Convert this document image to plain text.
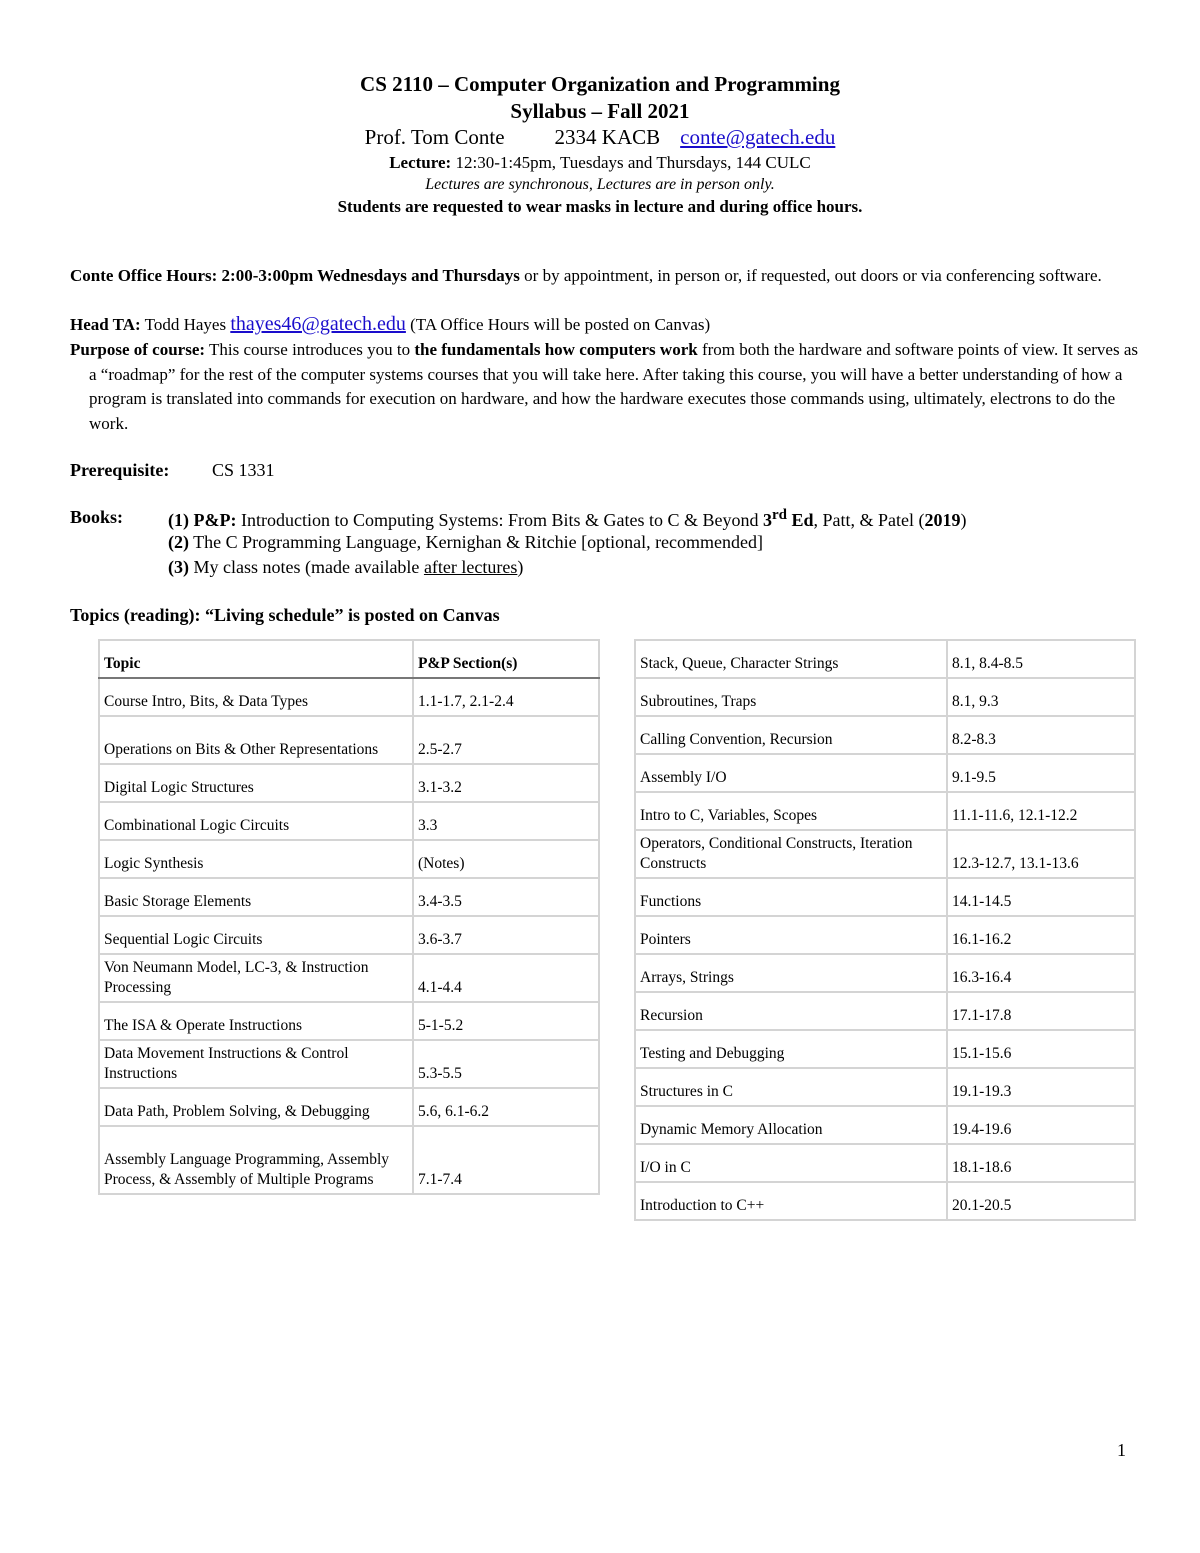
CS 2110 – Computer Organization and Programming
Syllabus – Fall 2021
Prof. Tom Conte 2334 KACB conte@gatech.edu
Lecture: 12:30-1:45pm, Tuesdays and Thursdays, 144 CULC
Lectures are synchronous, Lectures are in person only.
Students are requested to wear masks in lecture and during office hours.
Conte Office Hours: 2:00-3:00pm Wednesdays and Thursdays or by appointment, in person or, if requested, out doors or via conferencing software.
Head TA: Todd Hayes thayes46@gatech.edu (TA Office Hours will be posted on Canvas)
Purpose of course: This course introduces you to the fundamentals how computers work from both the hardware and software points of view. It serves as a “roadmap” for the rest of the computer systems courses that you will take here. After taking this course, you will have a better understanding of how a program is translated into commands for execution on hardware, and how the hardware executes those commands using, ultimately, electrons to do the work.
Prerequisite: CS 1331
Books: (1) P&P: Introduction to Computing Systems: From Bits & Gates to C & Beyond 3rd Ed, Patt, & Patel (2019)
(2) The C Programming Language, Kernighan & Ritchie [optional, recommended]
(3) My class notes (made available after lectures)
Topics (reading): “Living schedule” is posted on Canvas
Topic	P&P Section(s)
Course Intro, Bits, & Data Types	1.1-1.7, 2.1-2.4
Operations on Bits & Other Representations	2.5-2.7
Digital Logic Structures	3.1-3.2
Combinational Logic Circuits	3.3
Logic Synthesis	(Notes)
Basic Storage Elements	3.4-3.5
Sequential Logic Circuits	3.6-3.7
Von Neumann Model, LC-3, & Instruction Processing	4.1-4.4
The ISA & Operate Instructions	5-1-5.2
Data Movement Instructions & Control Instructions	5.3-5.5
Data Path, Problem Solving, & Debugging	5.6, 6.1-6.2
Assembly Language Programming, Assembly Process, & Assembly of Multiple Programs	7.1-7.4
Stack, Queue, Character Strings	8.1, 8.4-8.5
Subroutines, Traps	8.1, 9.3
Calling Convention, Recursion	8.2-8.3
Assembly I/O	9.1-9.5
Intro to C, Variables, Scopes	11.1-11.6, 12.1-12.2
Operators, Conditional Constructs, Iteration Constructs	12.3-12.7, 13.1-13.6
Functions	14.1-14.5
Pointers	16.1-16.2
Arrays, Strings	16.3-16.4
Recursion	17.1-17.8
Testing and Debugging	15.1-15.6
Structures in C	19.1-19.3
Dynamic Memory Allocation	19.4-19.6
I/O in C	18.1-18.6
Introduction to C++	20.1-20.5
1
